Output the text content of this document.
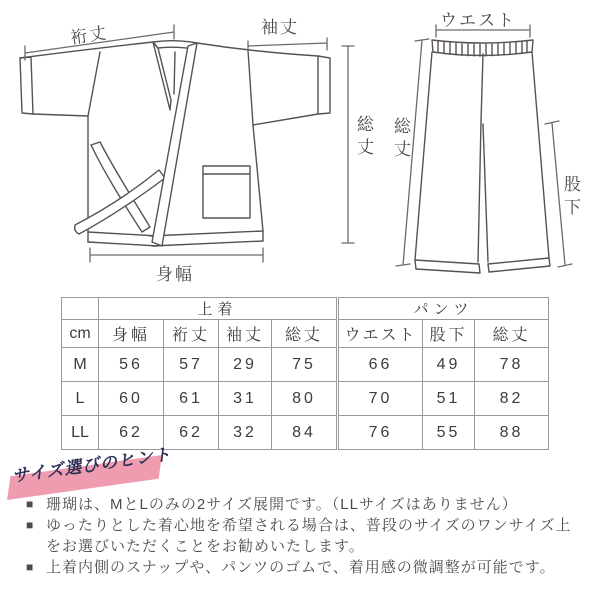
裄丈	袖丈
総丈
身幅
ウエスト
総丈
股下
	上着				パンツ		
cm	身幅	裄丈	袖丈	総丈	ウエスト	股下	総丈
M	56	57	29	75	66	49	78
L	60	61	31	80	70	51	82
LL	62	62	32	84	76	55	88
サイズ選びのヒント
■ 珊瑚は、MとLのみの2サイズ展開です。（LLサイズはありません）
■ ゆったりとした着心地を希望される場合は、普段のサイズのワンサイズ上をお選びいただくことをお勧めいたします。
■ 上着内側のスナップや、パンツのゴムで、着用感の微調整が可能です。
